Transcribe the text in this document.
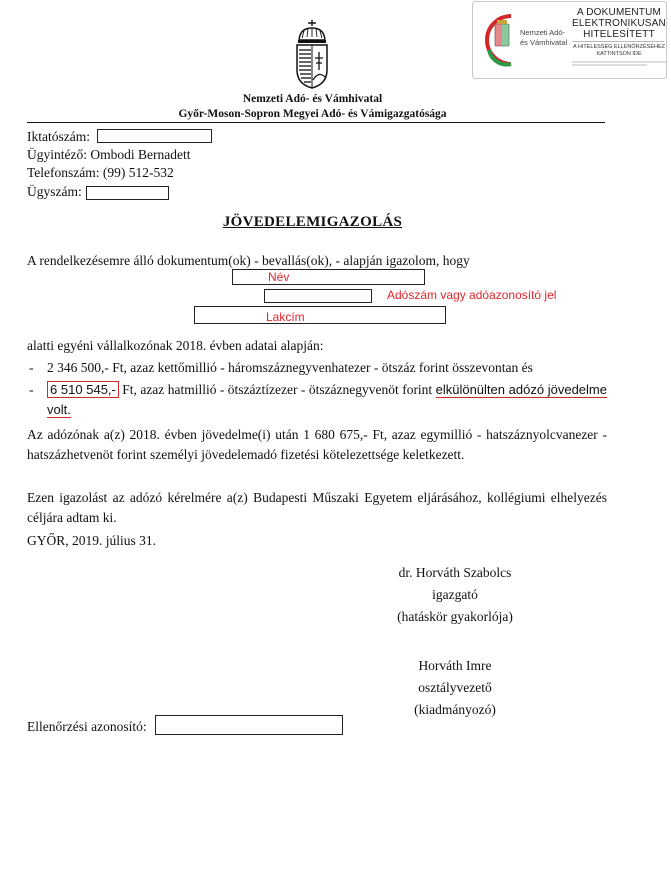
Nemzeti Adó-
és Vámhivatal
A DOKUMENTUM
ELEKTRONIKUSAN
HITELESÍTETT
A HITELESSÉG ELLENŐRZÉSÉHEZ
KATTINTSON IDE
Nemzeti Adó- és Vámhivatal
Győr-Moson-Sopron Megyei Adó- és Vámigazgatósága
Iktatószám:
Ügyintéző: Ombodi Bernadett
Telefonszám: (99) 512-532
Ügyszám:
JÖVEDELEMIGAZOLÁS
A rendelkezésemre álló dokumentum(ok) - bevallás(ok), - alapján igazolom, hogy
Név
Adószám vagy adóazonosító jel
Lakcím
alatti egyéni vállalkozónak 2018. évben adatai alapján:
- 2 346 500,- Ft, azaz kettőmillió - háromszáznegyvenhatezer - ötszáz forint összevontan és
- 6 510 545,- Ft, azaz hatmillió - ötszáztízezer - ötszáznegyvenöt forint elkülönülten adózó jövedelme volt.
Az adózónak a(z) 2018. évben jövedelme(i) után 1 680 675,- Ft, azaz egymillió - hatszáznyolcvanezer - hatszázhetvenöt forint személyi jövedelemadó fizetési kötelezettsége keletkezett.
Ezen igazolást az adózó kérelmére a(z) Budapesti Műszaki Egyetem eljárásához, kollégiumi elhelyezés céljára adtam ki.
GYŐR, 2019. július 31.
dr. Horváth Szabolcs
igazgató
(hatáskör gyakorlója)
Horváth Imre
osztályvezető
(kiadmányozó)
Ellenőrzési azonosító:
